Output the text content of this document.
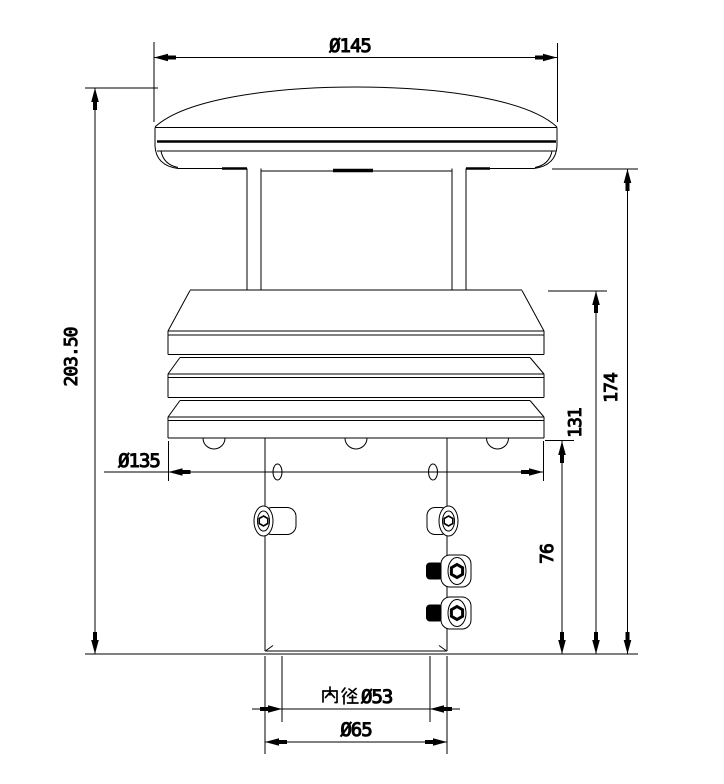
Ø145
203.50
174
131
76
Ø135
Ø53
Ø65
